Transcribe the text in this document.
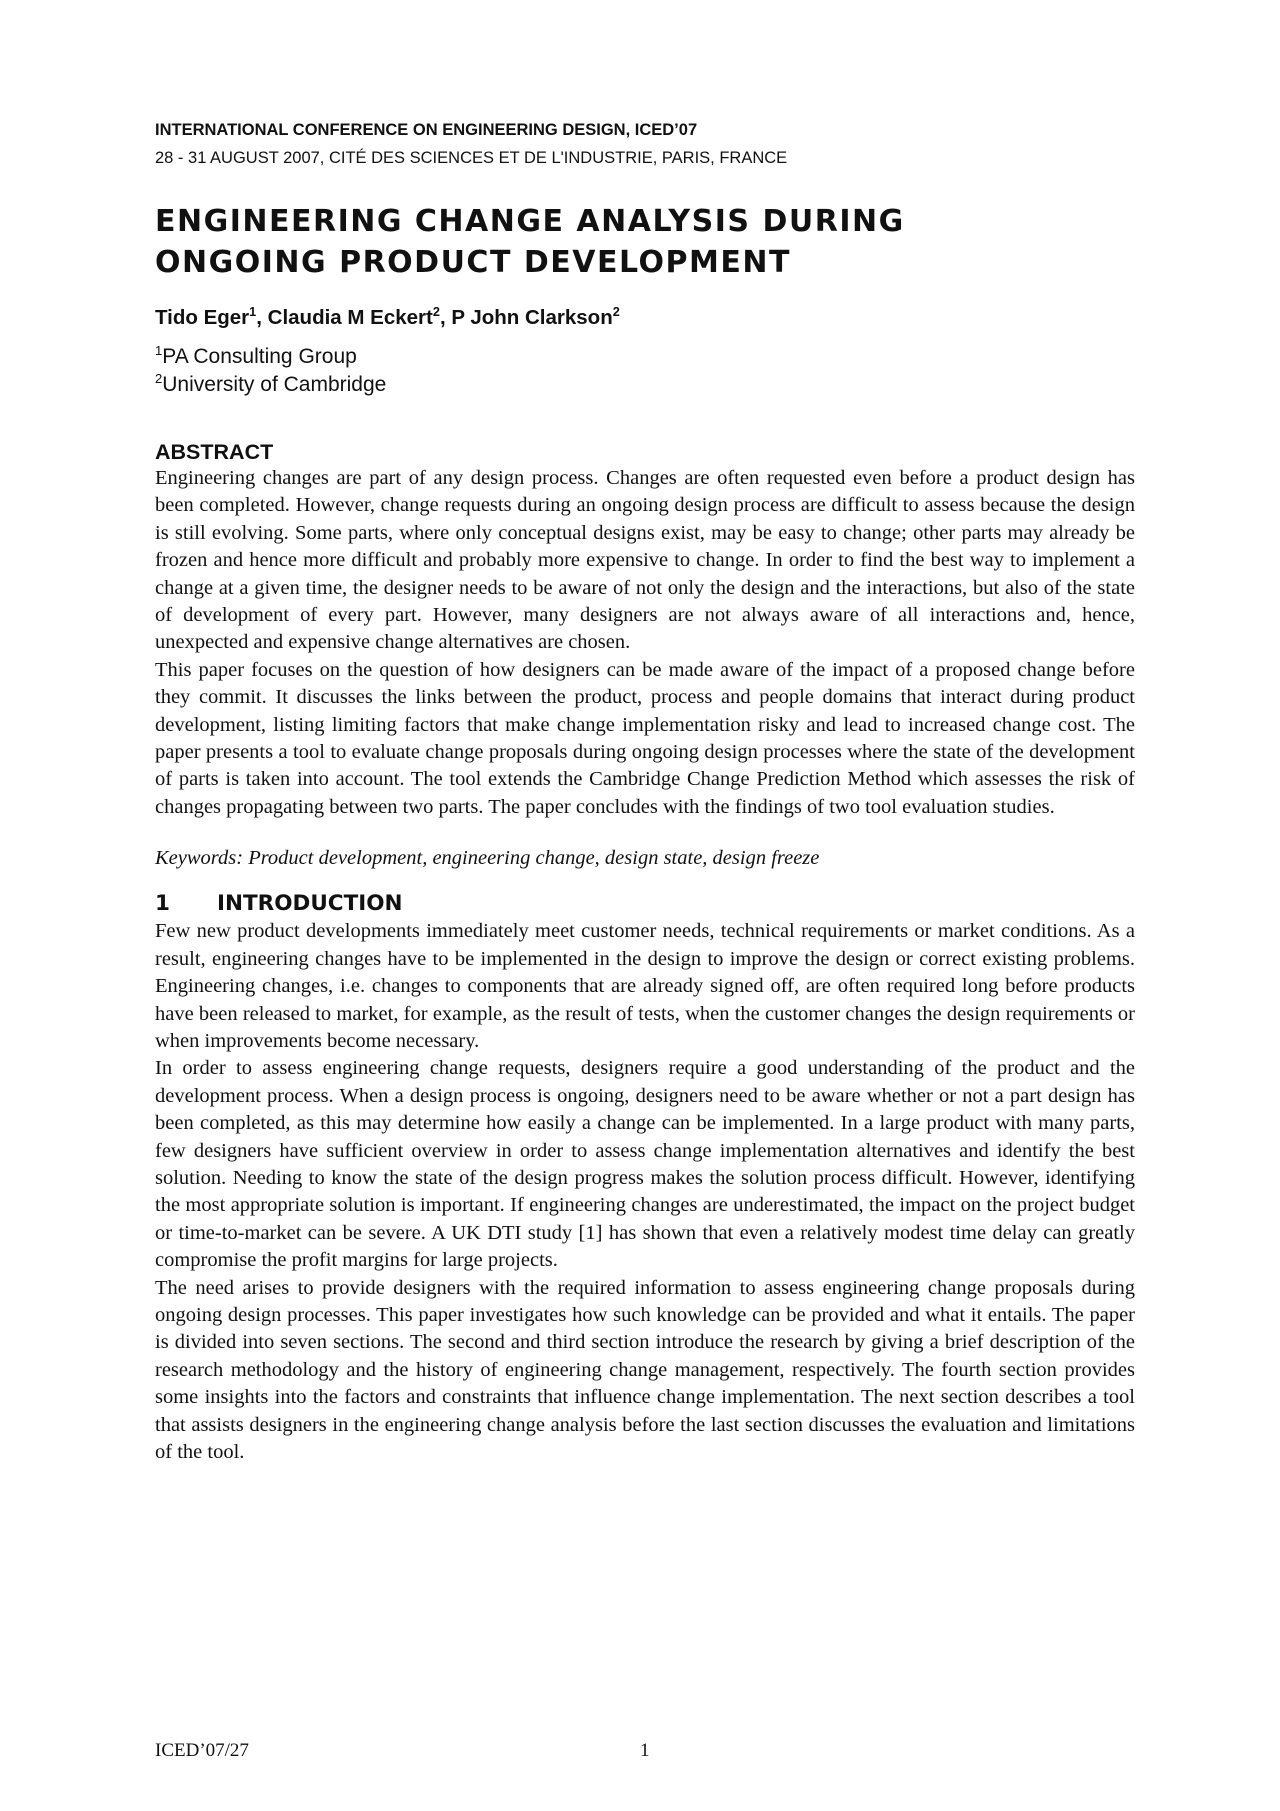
INTERNATIONAL CONFERENCE ON ENGINEERING DESIGN, ICED’07

28 - 31 AUGUST 2007, CITÉ DES SCIENCES ET DE L'INDUSTRIE, PARIS, FRANCE

ENGINEERING CHANGE ANALYSIS DURING
ONGOING PRODUCT DEVELOPMENT

Tido Eger$^1$, Claudia M Eckert$^2$, P John Clarkson$^2$

$^1$PA Consulting Group

$^2$University of Cambridge

ABSTRACT

Engineering changes are part of any design process. Changes are often requested even before a product design has been completed. However, change requests during an ongoing design process are difficult to assess because the design is still evolving. Some parts, where only conceptual designs exist, may be easy to change; other parts may already be frozen and hence more difficult and probably more expensive to change. In order to find the best way to implement a change at a given time, the designer needs to be aware of not only the design and the interactions, but also of the state of development of every part. However, many designers are not always aware of all interactions and, hence, unexpected and expensive change alternatives are chosen.

This paper focuses on the question of how designers can be made aware of the impact of a proposed change before they commit. It discusses the links between the product, process and people domains that interact during product development, listing limiting factors that make change implementation risky and lead to increased change cost. The paper presents a tool to evaluate change proposals during ongoing design processes where the state of the development of parts is taken into account. The tool extends the Cambridge Change Prediction Method which assesses the risk of changes propagating between two parts. The paper concludes with the findings of two tool evaluation studies.

Keywords: Product development, engineering change, design state, design freeze

1	INTRODUCTION

Few new product developments immediately meet customer needs, technical requirements or market conditions. As a result, engineering changes have to be implemented in the design to improve the design or correct existing problems. Engineering changes, i.e. changes to components that are already signed off, are often required long before products have been released to market, for example, as the result of tests, when the customer changes the design requirements or when improvements become necessary.

In order to assess engineering change requests, designers require a good understanding of the product and the development process. When a design process is ongoing, designers need to be aware whether or not a part design has been completed, as this may determine how easily a change can be implemented. In a large product with many parts, few designers have sufficient overview in order to assess change implementation alternatives and identify the best solution. Needing to know the state of the design progress makes the solution process difficult. However, identifying the most appropriate solution is important. If engineering changes are underestimated, the impact on the project budget or time-to-market can be severe. A UK DTI study [1] has shown that even a relatively modest time delay can greatly compromise the profit margins for large projects.

The need arises to provide designers with the required information to assess engineering change proposals during ongoing design processes. This paper investigates how such knowledge can be provided and what it entails. The paper is divided into seven sections. The second and third section introduce the research by giving a brief description of the research methodology and the history of engineering change management, respectively. The fourth section provides some insights into the factors and constraints that influence change implementation. The next section describes a tool that assists designers in the engineering change analysis before the last section discusses the evaluation and limitations of the tool.

ICED’07/27	1
